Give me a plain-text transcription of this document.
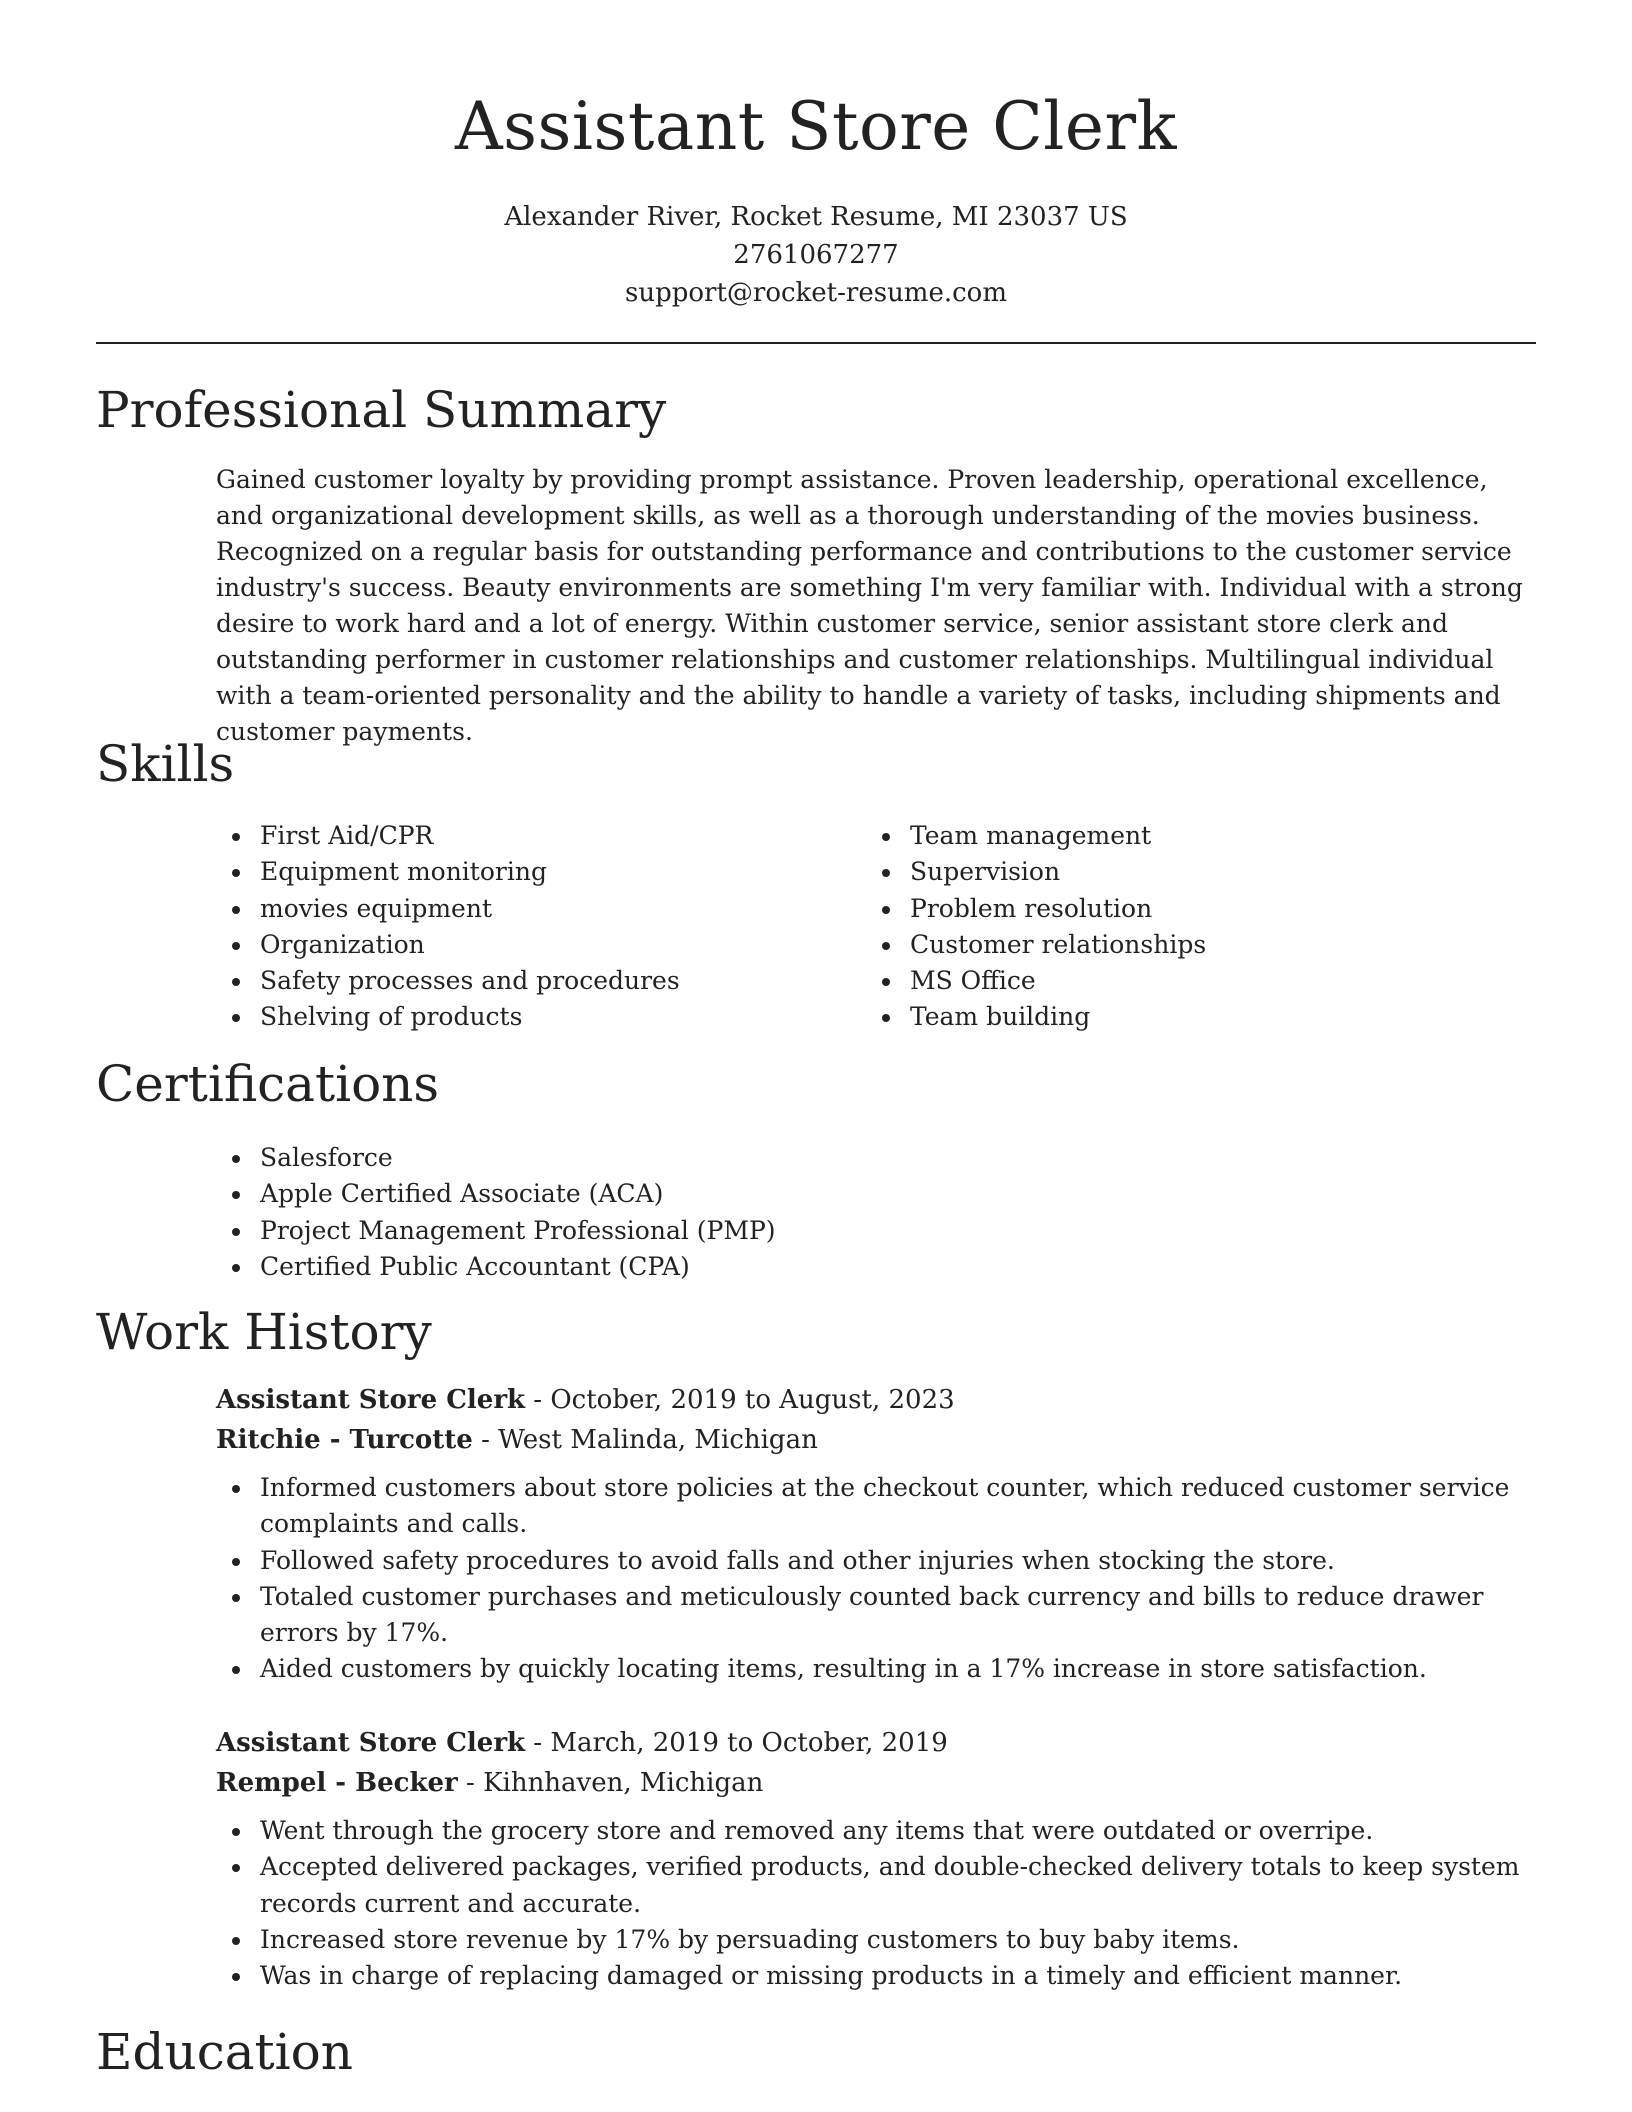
Assistant Store Clerk
Alexander River, Rocket Resume, MI 23037 US
2761067277
support@rocket-resume.com
Professional Summary

Gained customer loyalty by providing prompt assistance. Proven leadership, operational excellence, and organizational development skills, as well as a thorough understanding of the movies business. Recognized on a regular basis for outstanding performance and contributions to the customer service industry's success. Beauty environments are something I'm very familiar with. Individual with a strong desire to work hard and a lot of energy. Within customer service, senior assistant store clerk and outstanding performer in customer relationships and customer relationships. Multilingual individual with a team-oriented personality and the ability to handle a variety of tasks, including shipments and customer payments.

Skills
First Aid/CPR
Equipment monitoring
movies equipment
Organization
Safety processes and procedures
Shelving of products
Team management
Supervision
Problem resolution
Customer relationships
MS Office
Team building
Certifications
Salesforce
Apple Certified Associate (ACA)
Project Management Professional (PMP)
Certified Public Accountant (CPA)
Work History
Assistant Store Clerk - October, 2019 to August, 2023
Ritchie - Turcotte - West Malinda, Michigan
Informed customers about store policies at the checkout counter, which reduced customer service complaints and calls.
Followed safety procedures to avoid falls and other injuries when stocking the store.
Totaled customer purchases and meticulously counted back currency and bills to reduce drawer errors by 17%.
Aided customers by quickly locating items, resulting in a 17% increase in store satisfaction.
Assistant Store Clerk - March, 2019 to October, 2019
Rempel - Becker - Kihnhaven, Michigan
Went through the grocery store and removed any items that were outdated or overripe.
Accepted delivered packages, verified products, and double-checked delivery totals to keep system records current and accurate.
Increased store revenue by 17% by persuading customers to buy baby items.
Was in charge of replacing damaged or missing products in a timely and efficient manner.
Education
